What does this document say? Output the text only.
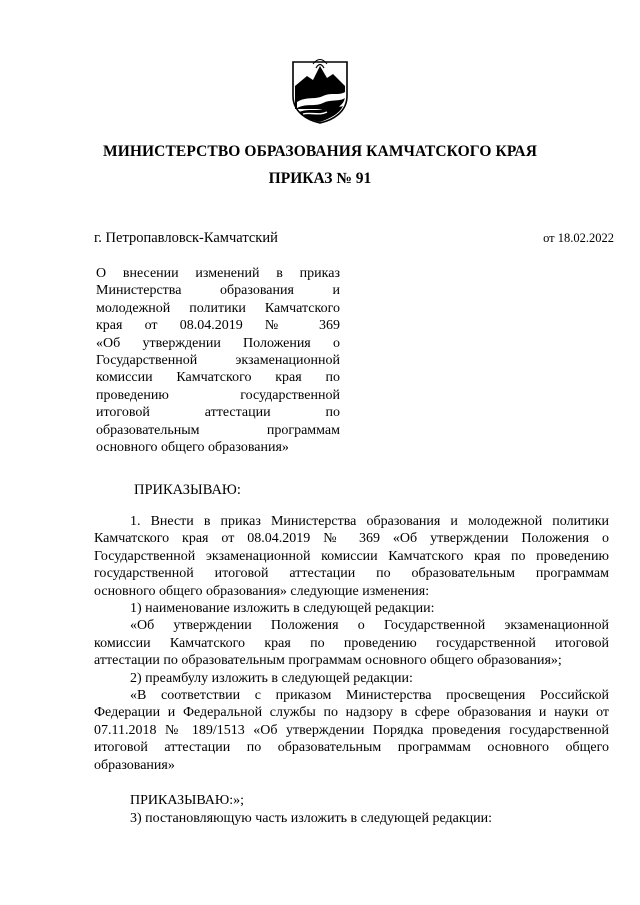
МИНИСТЕРСТВО ОБРАЗОВАНИЯ КАМЧАТСКОГО КРАЯ
ПРИКАЗ № 91
г. Петропавловск-Камчатский	от 18.02.2022
О внесении изменений в приказ
Министерства образования и
молодежной политики Камчатского
края от 08.04.2019 № 369
«Об утверждении Положения о
Государственной экзаменационной
комиссии Камчатского края по
проведению государственной
итоговой аттестации по
образовательным программам
основного общего образования»
ПРИКАЗЫВАЮ:
1. Внести в приказ Министерства образования и молодежной политики
Камчатского края от 08.04.2019 № 369 «Об утверждении Положения о
Государственной экзаменационной комиссии Камчатского края по проведению
государственной итоговой аттестации по образовательным программам
основного общего образования» следующие изменения:
1) наименование изложить в следующей редакции:
«Об утверждении Положения о Государственной экзаменационной
комиссии Камчатского края по проведению государственной итоговой
аттестации по образовательным программам основного общего образования»;
2) преамбулу изложить в следующей редакции:
«В соответствии с приказом Министерства просвещения Российской
Федерации и Федеральной службы по надзору в сфере образования и науки от
07.11.2018 № 189/1513 «Об утверждении Порядка проведения государственной
итоговой аттестации по образовательным программам основного общего
образования»
ПРИКАЗЫВАЮ:»;
3) постановляющую часть изложить в следующей редакции:
